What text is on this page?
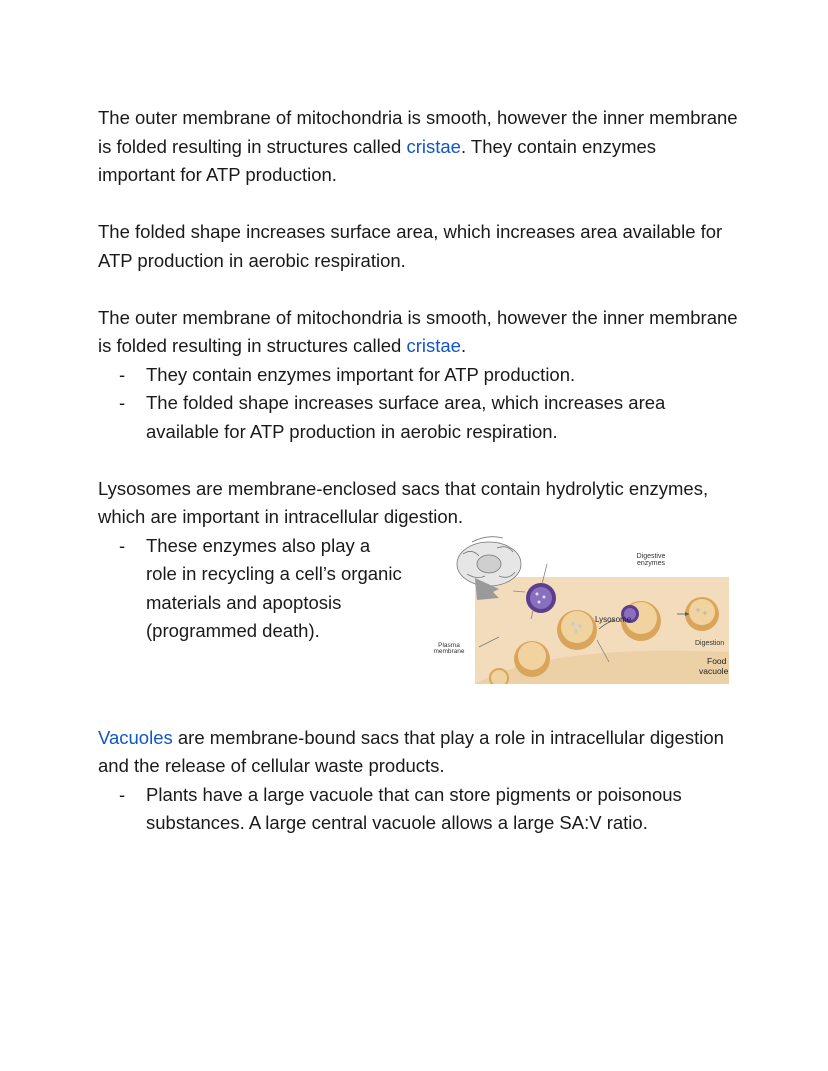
The outer membrane of mitochondria is smooth, however the inner membrane is folded resulting in structures called cristae. They contain enzymes important for ATP production.

The folded shape increases surface area, which increases area available for ATP production in aerobic respiration.

The outer membrane of mitochondria is smooth, however the inner membrane is folded resulting in structures called cristae.

- They contain enzymes important for ATP production.
- The folded shape increases surface area, which increases area available for ATP production in aerobic respiration.

Lysosomes are membrane-enclosed sacs that contain hydrolytic enzymes, which are important in intracellular digestion.

- These enzymes also play a role in recycling a cell’s organic materials and apoptosis (programmed death).
Digestive
enzymes
Lysosome
Plasma
membrane
Food
vacuole
Digestion

Vacuoles are membrane-bound sacs that play a role in intracellular digestion and the release of cellular waste products.

- Plants have a large vacuole that can store pigments or poisonous substances. A large central vacuole allows a large SA:V ratio.
